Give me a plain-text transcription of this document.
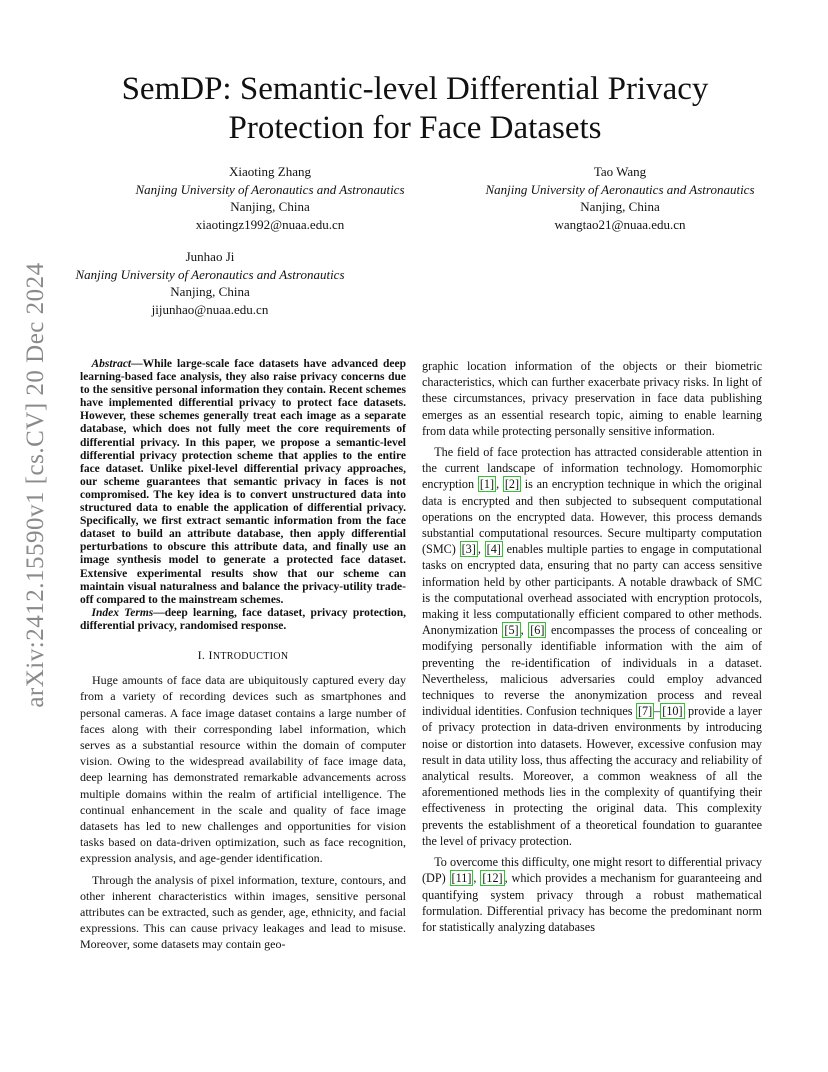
arXiv:2412.15590v1 [cs.CV] 20 Dec 2024
SemDP: Semantic-level Differential Privacy
Protection for Face Datasets
Xiaoting Zhang
Nanjing University of Aeronautics and Astronautics
Nanjing, China
xiaotingz1992@nuaa.edu.cn
Tao Wang
Nanjing University of Aeronautics and Astronautics
Nanjing, China
wangtao21@nuaa.edu.cn
Junhao Ji
Nanjing University of Aeronautics and Astronautics
Nanjing, China
jijunhao@nuaa.edu.cn

Abstract—While large-scale face datasets have advanced deep learning-based face analysis, they also raise privacy concerns due to the sensitive personal information they contain. Recent schemes have implemented differential privacy to protect face datasets. However, these schemes generally treat each image as a separate database, which does not fully meet the core requirements of differential privacy. In this paper, we propose a semantic-level differential privacy protection scheme that applies to the entire face dataset. Unlike pixel-level differential privacy approaches, our scheme guarantees that semantic privacy in faces is not compromised. The key idea is to convert unstructured data into structured data to enable the application of differential privacy. Specifically, we first extract semantic information from the face dataset to build an attribute database, then apply differential perturbations to obscure this attribute data, and finally use an image synthesis model to generate a protected face dataset. Extensive experimental results show that our scheme can maintain visual naturalness and balance the privacy-utility trade-off compared to the mainstream schemes.

Index Terms—deep learning, face dataset, privacy protection, differential privacy, randomised response.

I. INTRODUCTION

Huge amounts of face data are ubiquitously captured every day from a variety of recording devices such as smartphones and personal cameras. A face image dataset contains a large number of faces along with their corresponding label information, which serves as a substantial resource within the domain of computer vision. Owing to the widespread availability of face image data, deep learning has demonstrated remarkable advancements across multiple domains within the realm of artificial intelligence. The continual enhancement in the scale and quality of face image datasets has led to new challenges and opportunities for vision tasks based on data-driven optimization, such as face recognition, expression analysis, and age-gender identification.

Through the analysis of pixel information, texture, contours, and other inherent characteristics within images, sensitive personal attributes can be extracted, such as gender, age, ethnicity, and facial expressions. This can cause privacy leakages and lead to misuse. Moreover, some datasets may contain geo-

graphic location information of the objects or their biometric characteristics, which can further exacerbate privacy risks. In light of these circumstances, privacy preservation in face data publishing emerges as an essential research topic, aiming to enable learning from data while protecting personally sensitive information.

The field of face protection has attracted considerable attention in the current landscape of information technology. Homomorphic encryption [1] , [2] is an encryption technique in which the original data is encrypted and then subjected to subsequent computational operations on the encrypted data. However, this process demands substantial computational resources. Secure multiparty computation (SMC) [3] , [4] enables multiple parties to engage in computational tasks on encrypted data, ensuring that no party can access sensitive information held by other participants. A notable drawback of SMC is the computational overhead associated with encryption protocols, making it less computationally efficient compared to other methods. Anonymization [5] , [6] encompasses the process of concealing or modifying personally identifiable information with the aim of preventing the re-identification of individuals in a dataset. Nevertheless, malicious adversaries could employ advanced techniques to reverse the anonymization process and reveal individual identities. Confusion techniques [7] – [10] provide a layer of privacy protection in data-driven environments by introducing noise or distortion into datasets. However, excessive confusion may result in data utility loss, thus affecting the accuracy and reliability of analytical results. Moreover, a common weakness of all the aforementioned methods lies in the complexity of quantifying their effectiveness in protecting the original data. This complexity prevents the establishment of a theoretical foundation to guarantee the level of privacy protection.

To overcome this difficulty, one might resort to differential privacy (DP) [11] , [12] , which provides a mechanism for guaranteeing and quantifying system privacy through a robust mathematical formulation. Differential privacy has become the predominant norm for statistically analyzing databases
